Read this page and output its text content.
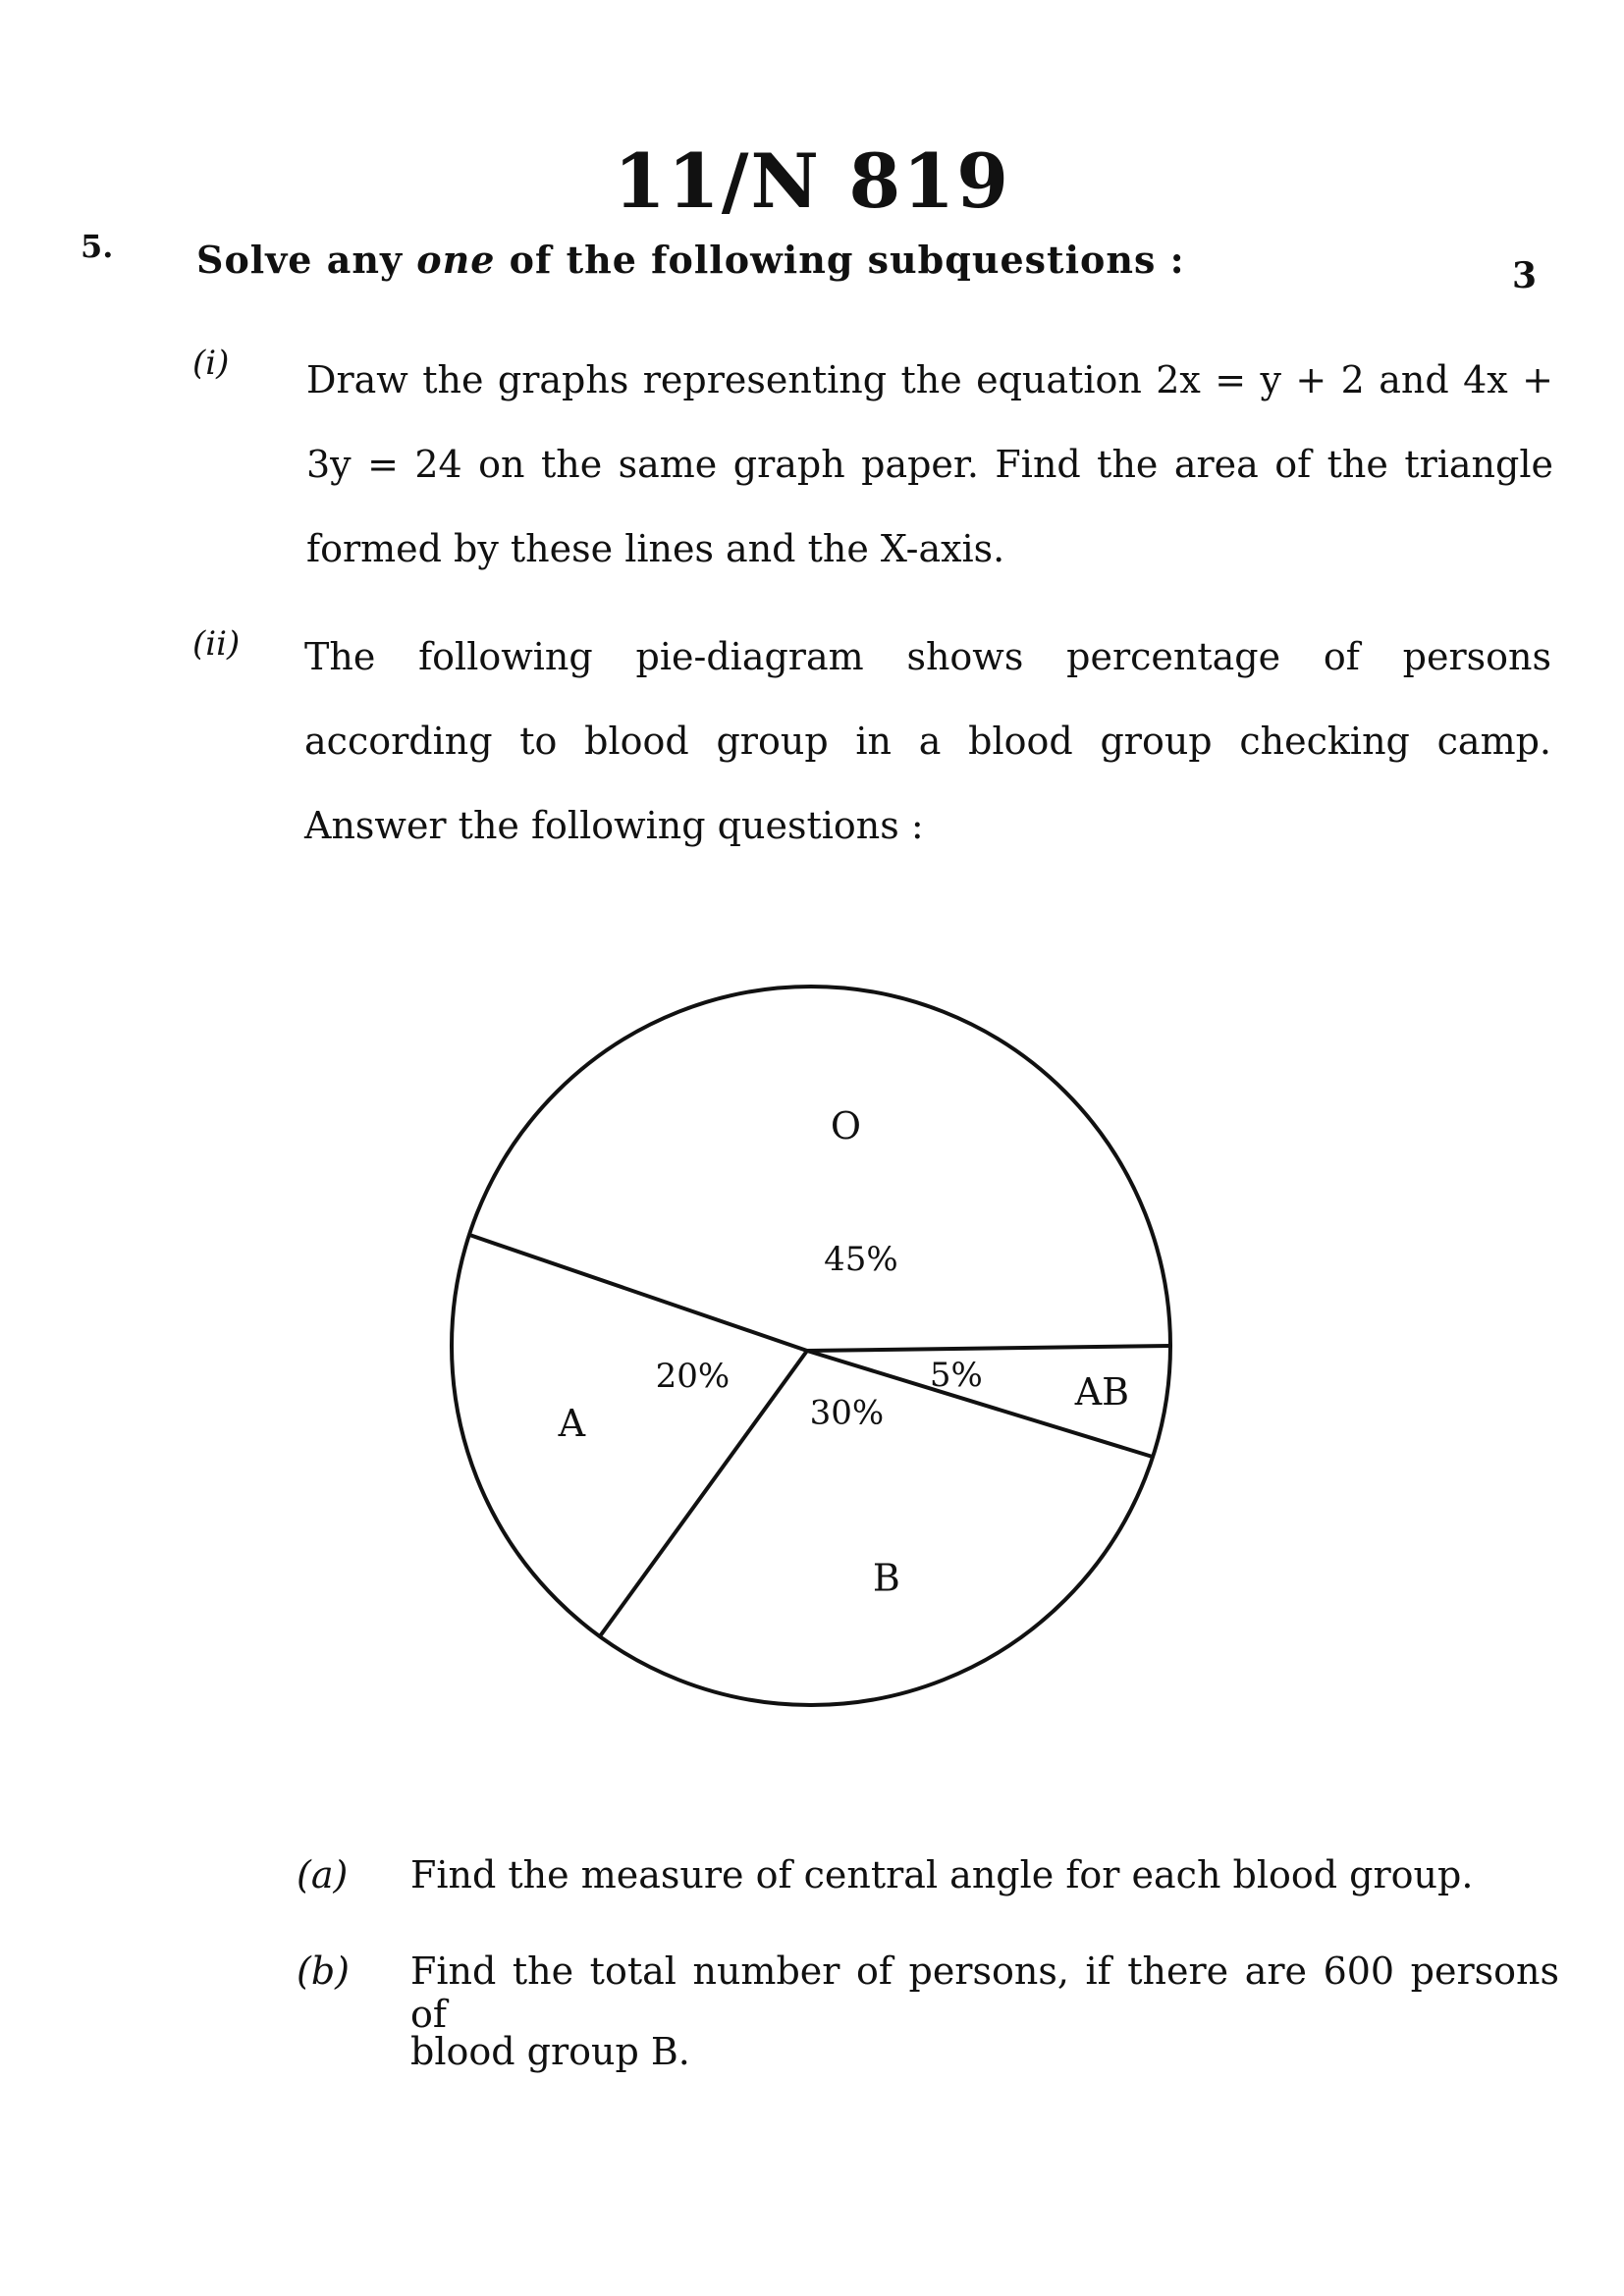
11/N 819
5. Solve any one of the following subquestions :	3
(i) Draw the graphs representing the equation 2x = y + 2 and 4x + 3y = 24 on the same graph paper. Find the area of the triangle formed by these lines and the X-axis.
(ii) The following pie-diagram shows percentage of persons according to blood group in a blood group checking camp. Answer the following questions :
O
45%
A
20%
B
30%	AB
5%
(a) Find the measure of central angle for each blood group.
(b) Find the total number of persons, if there are 600 persons of
blood group B.
